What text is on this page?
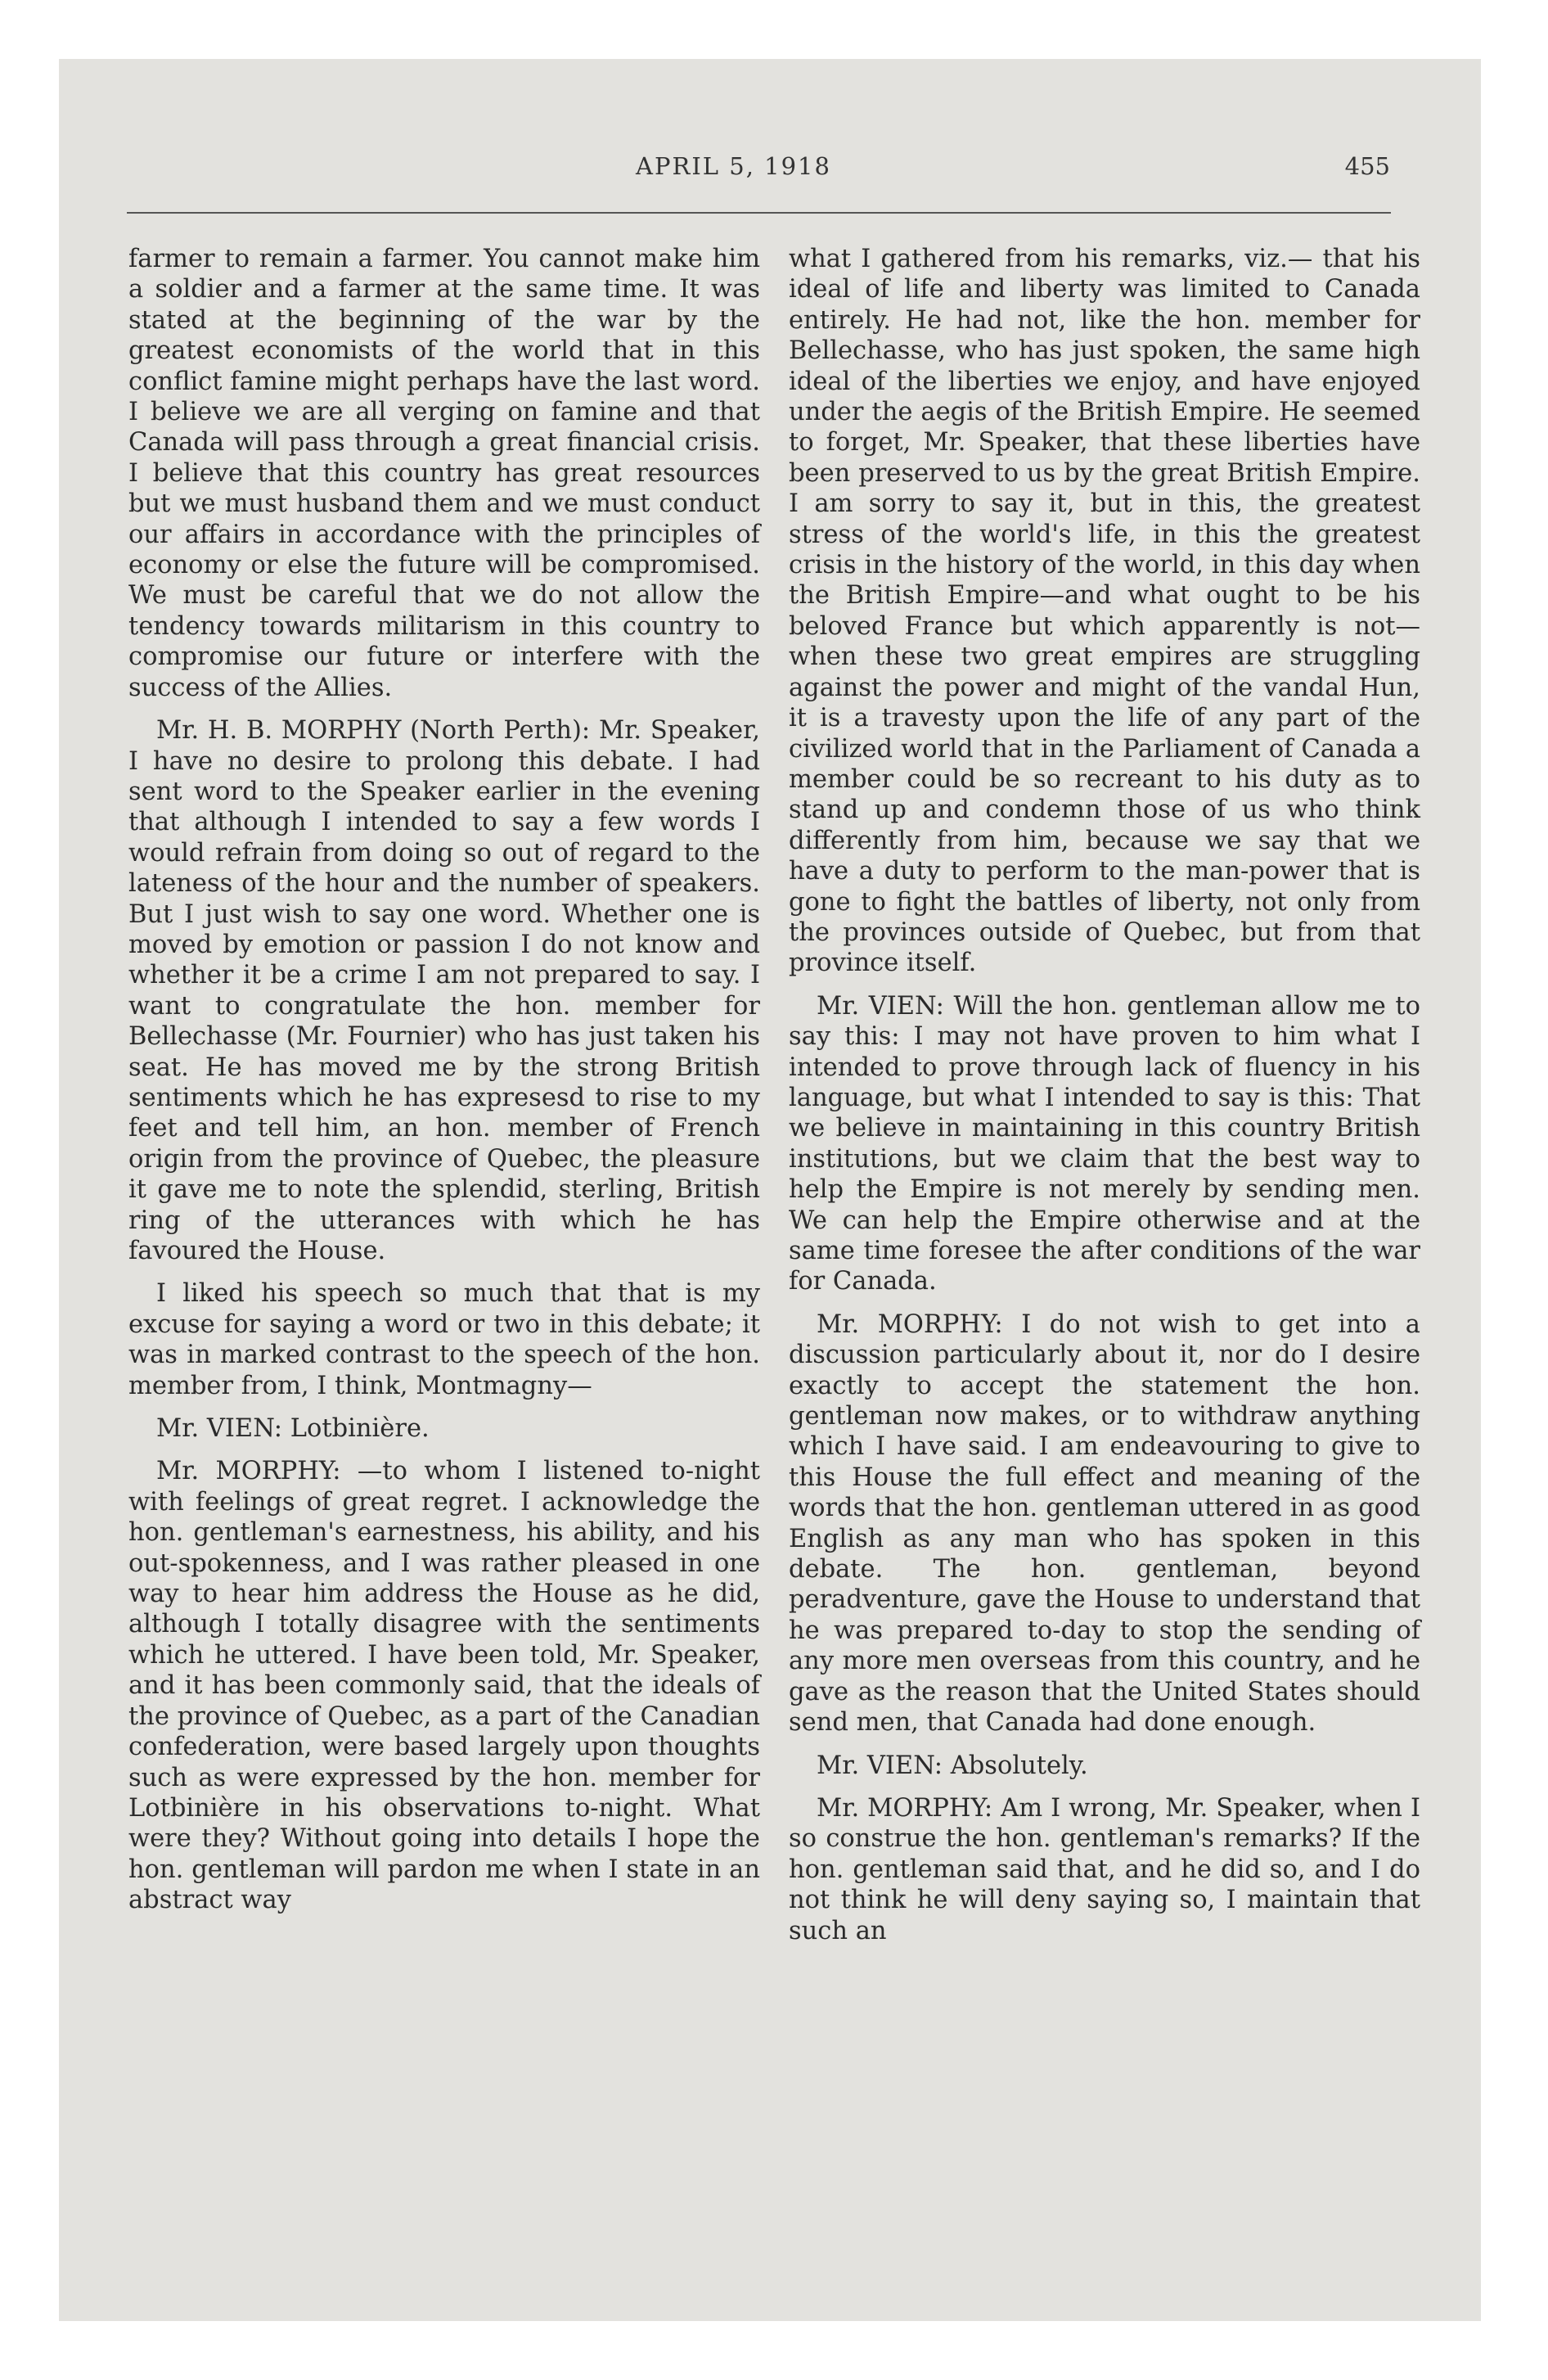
APRIL 5, 1918	455

farmer to remain a farmer. You cannot make him a soldier and a farmer at the same time. It was stated at the beginning of the war by the greatest economists of the world that in this conflict famine might perhaps have the last word. I believe we are all verging on famine and that Canada will pass through a great financial crisis. I believe that this country has great resources but we must husband them and we must conduct our affairs in accordance with the principles of economy or else the future will be compromised. We must be careful that we do not allow the tendency towards militarism in this country to compromise our future or interfere with the success of the Allies.

Mr. H. B. MORPHY (North Perth): Mr. Speaker, I have no desire to prolong this debate. I had sent word to the Speaker earlier in the evening that although I intended to say a few words I would refrain from doing so out of regard to the lateness of the hour and the number of speakers. But I just wish to say one word. Whether one is moved by emotion or passion I do not know and whether it be a crime I am not prepared to say. I want to congratulate the hon. member for Bellechasse (Mr. Fournier) who has just taken his seat. He has moved me by the strong British sentiments which he has expresesd to rise to my feet and tell him, an hon. member of French origin from the province of Quebec, the pleasure it gave me to note the splendid, sterling, British ring of the utterances with which he has favoured the House.

I liked his speech so much that that is my excuse for saying a word or two in this debate; it was in marked contrast to the speech of the hon. member from, I think, Montmagny—

Mr. VIEN: Lotbinière.

Mr. MORPHY: —to whom I listened to-night with feelings of great regret. I acknowledge the hon. gentleman's earnestness, his ability, and his out-spokenness, and I was rather pleased in one way to hear him address the House as he did, although I totally disagree with the sentiments which he uttered. I have been told, Mr. Speaker, and it has been commonly said, that the ideals of the province of Quebec, as a part of the Canadian confederation, were based largely upon thoughts such as were expressed by the hon. member for Lotbinière in his observations to-night. What were they? Without going into details I hope the hon. gentleman will pardon me when I state in an abstract way

what I gathered from his remarks, viz.— that his ideal of life and liberty was limited to Canada entirely. He had not, like the hon. member for Bellechasse, who has just spoken, the same high ideal of the liberties we enjoy, and have enjoyed under the aegis of the British Empire. He seemed to forget, Mr. Speaker, that these liberties have been preserved to us by the great British Empire. I am sorry to say it, but in this, the greatest stress of the world's life, in this the greatest crisis in the history of the world, in this day when the British Empire—and what ought to be his beloved France but which apparently is not—when these two great empires are struggling against the power and might of the vandal Hun, it is a travesty upon the life of any part of the civilized world that in the Parliament of Canada a member could be so recreant to his duty as to stand up and condemn those of us who think differently from him, because we say that we have a duty to perform to the man-power that is gone to fight the battles of liberty, not only from the provinces outside of Quebec, but from that province itself.

Mr. VIEN: Will the hon. gentleman allow me to say this: I may not have proven to him what I intended to prove through lack of fluency in his language, but what I intended to say is this: That we believe in maintaining in this country British institutions, but we claim that the best way to help the Empire is not merely by sending men. We can help the Empire otherwise and at the same time foresee the after conditions of the war for Canada.

Mr. MORPHY: I do not wish to get into a discussion particularly about it, nor do I desire exactly to accept the statement the hon. gentleman now makes, or to withdraw anything which I have said. I am endeavouring to give to this House the full effect and meaning of the words that the hon. gentleman uttered in as good English as any man who has spoken in this debate. The hon. gentleman, beyond peradventure, gave the House to understand that he was prepared to-day to stop the sending of any more men overseas from this country, and he gave as the reason that the United States should send men, that Canada had done enough.

Mr. VIEN: Absolutely.

Mr. MORPHY: Am I wrong, Mr. Speaker, when I so construe the hon. gentleman's remarks? If the hon. gentleman said that, and he did so, and I do not think he will deny saying so, I maintain that such an
